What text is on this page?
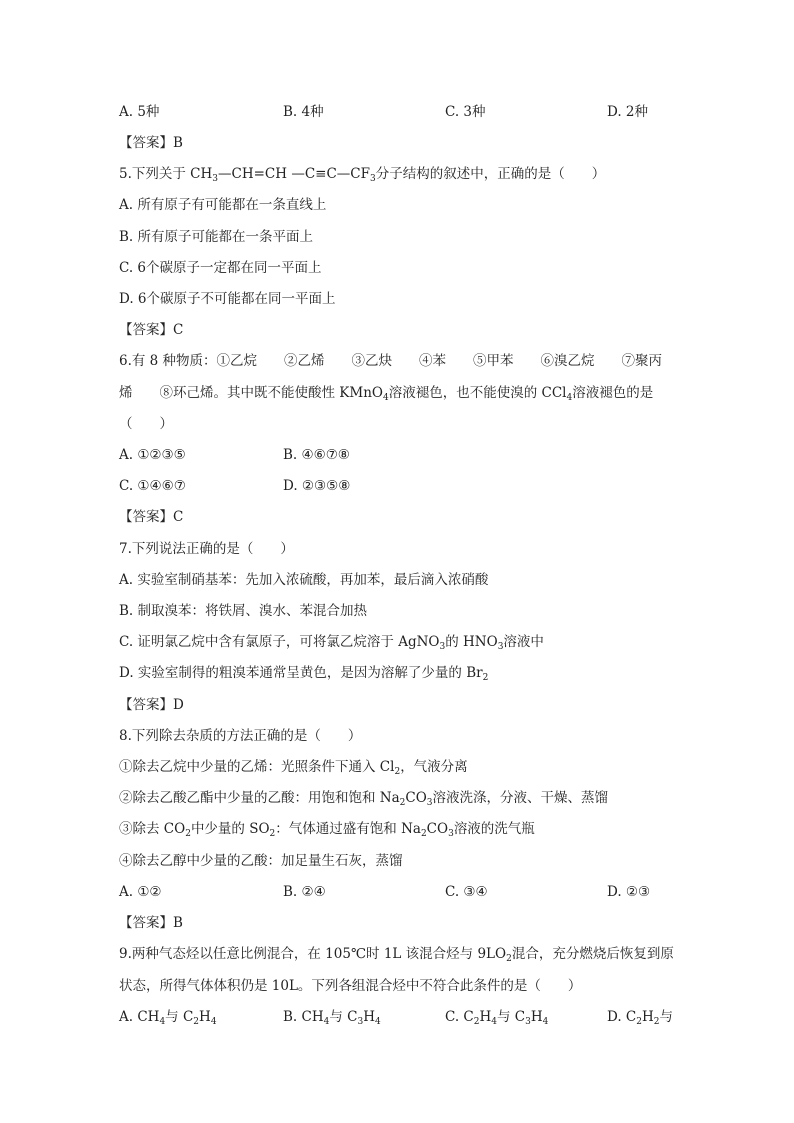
A. 5种	B. 4种	C. 3种	D. 2种
【答案】B
5.下列关于 $CH_3—CH=CH$ $—C\equiv C—CF_3$分子结构的叙述中，正确的是（　　）
A. 所有原子有可能都在一条直线上
B. 所有原子可能都在一条平面上
C. 6个碳原子一定都在同一平面上
D. 6个碳原子不可能都在同一平面上
【答案】C
6.有 8 种物质：①乙烷　　②乙烯　　③乙炔　　④苯　　⑤甲苯　　⑥溴乙烷　　⑦聚丙
烯　　⑧环己烯。其中既不能使酸性 KMnO$_4$溶液褪色，也不能使溴的 CCl$_4$溶液褪色的是
（　　）
A. ①②③⑤	B. ④⑥⑦⑧
C. ①④⑥⑦	D. ②③⑤⑧
【答案】C
7.下列说法正确的是（　　）
A. 实验室制硝基苯：先加入浓硫酸，再加苯，最后滴入浓硝酸
B. 制取溴苯：将铁屑、溴水、苯混合加热
C. 证明氯乙烷中含有氯原子，可将氯乙烷溶于 AgNO$_3$的 $HNO_3$溶液中
D. 实验室制得的粗溴苯通常呈黄色，是因为溶解了少量的 $Br_2$
【答案】D
8.下列除去杂质的方法正确的是（　　）
①除去乙烷中少量的乙烯：光照条件下通入 $Cl_2$，气液分离
②除去乙酸乙酯中少量的乙酸：用饱和饱和 $Na_2CO_3$溶液洗涤，分液、干燥、蒸馏
③除去 $CO_2$中少量的 $SO_2$：气体通过盛有饱和 $Na_2CO_3$溶液的洗气瓶
④除去乙醇中少量的乙酸：加足量生石灰，蒸馏
A. ①②	B. ②④	C. ③④	D. ②③
【答案】B
9.两种气态烃以任意比例混合，在 105℃时 1L 该混合烃与 $9LO_2$混合，充分燃烧后恢复到原
状态，所得气体体积仍是 10L。下列各组混合烃中不符合此条件的是（　　）
A. $CH_4$与 $C_2H_4$	B. $CH_4$与 $C_3H_4$	C. $C_2H_4$与 $C_3H_4$	D. $C_2H_2$与
